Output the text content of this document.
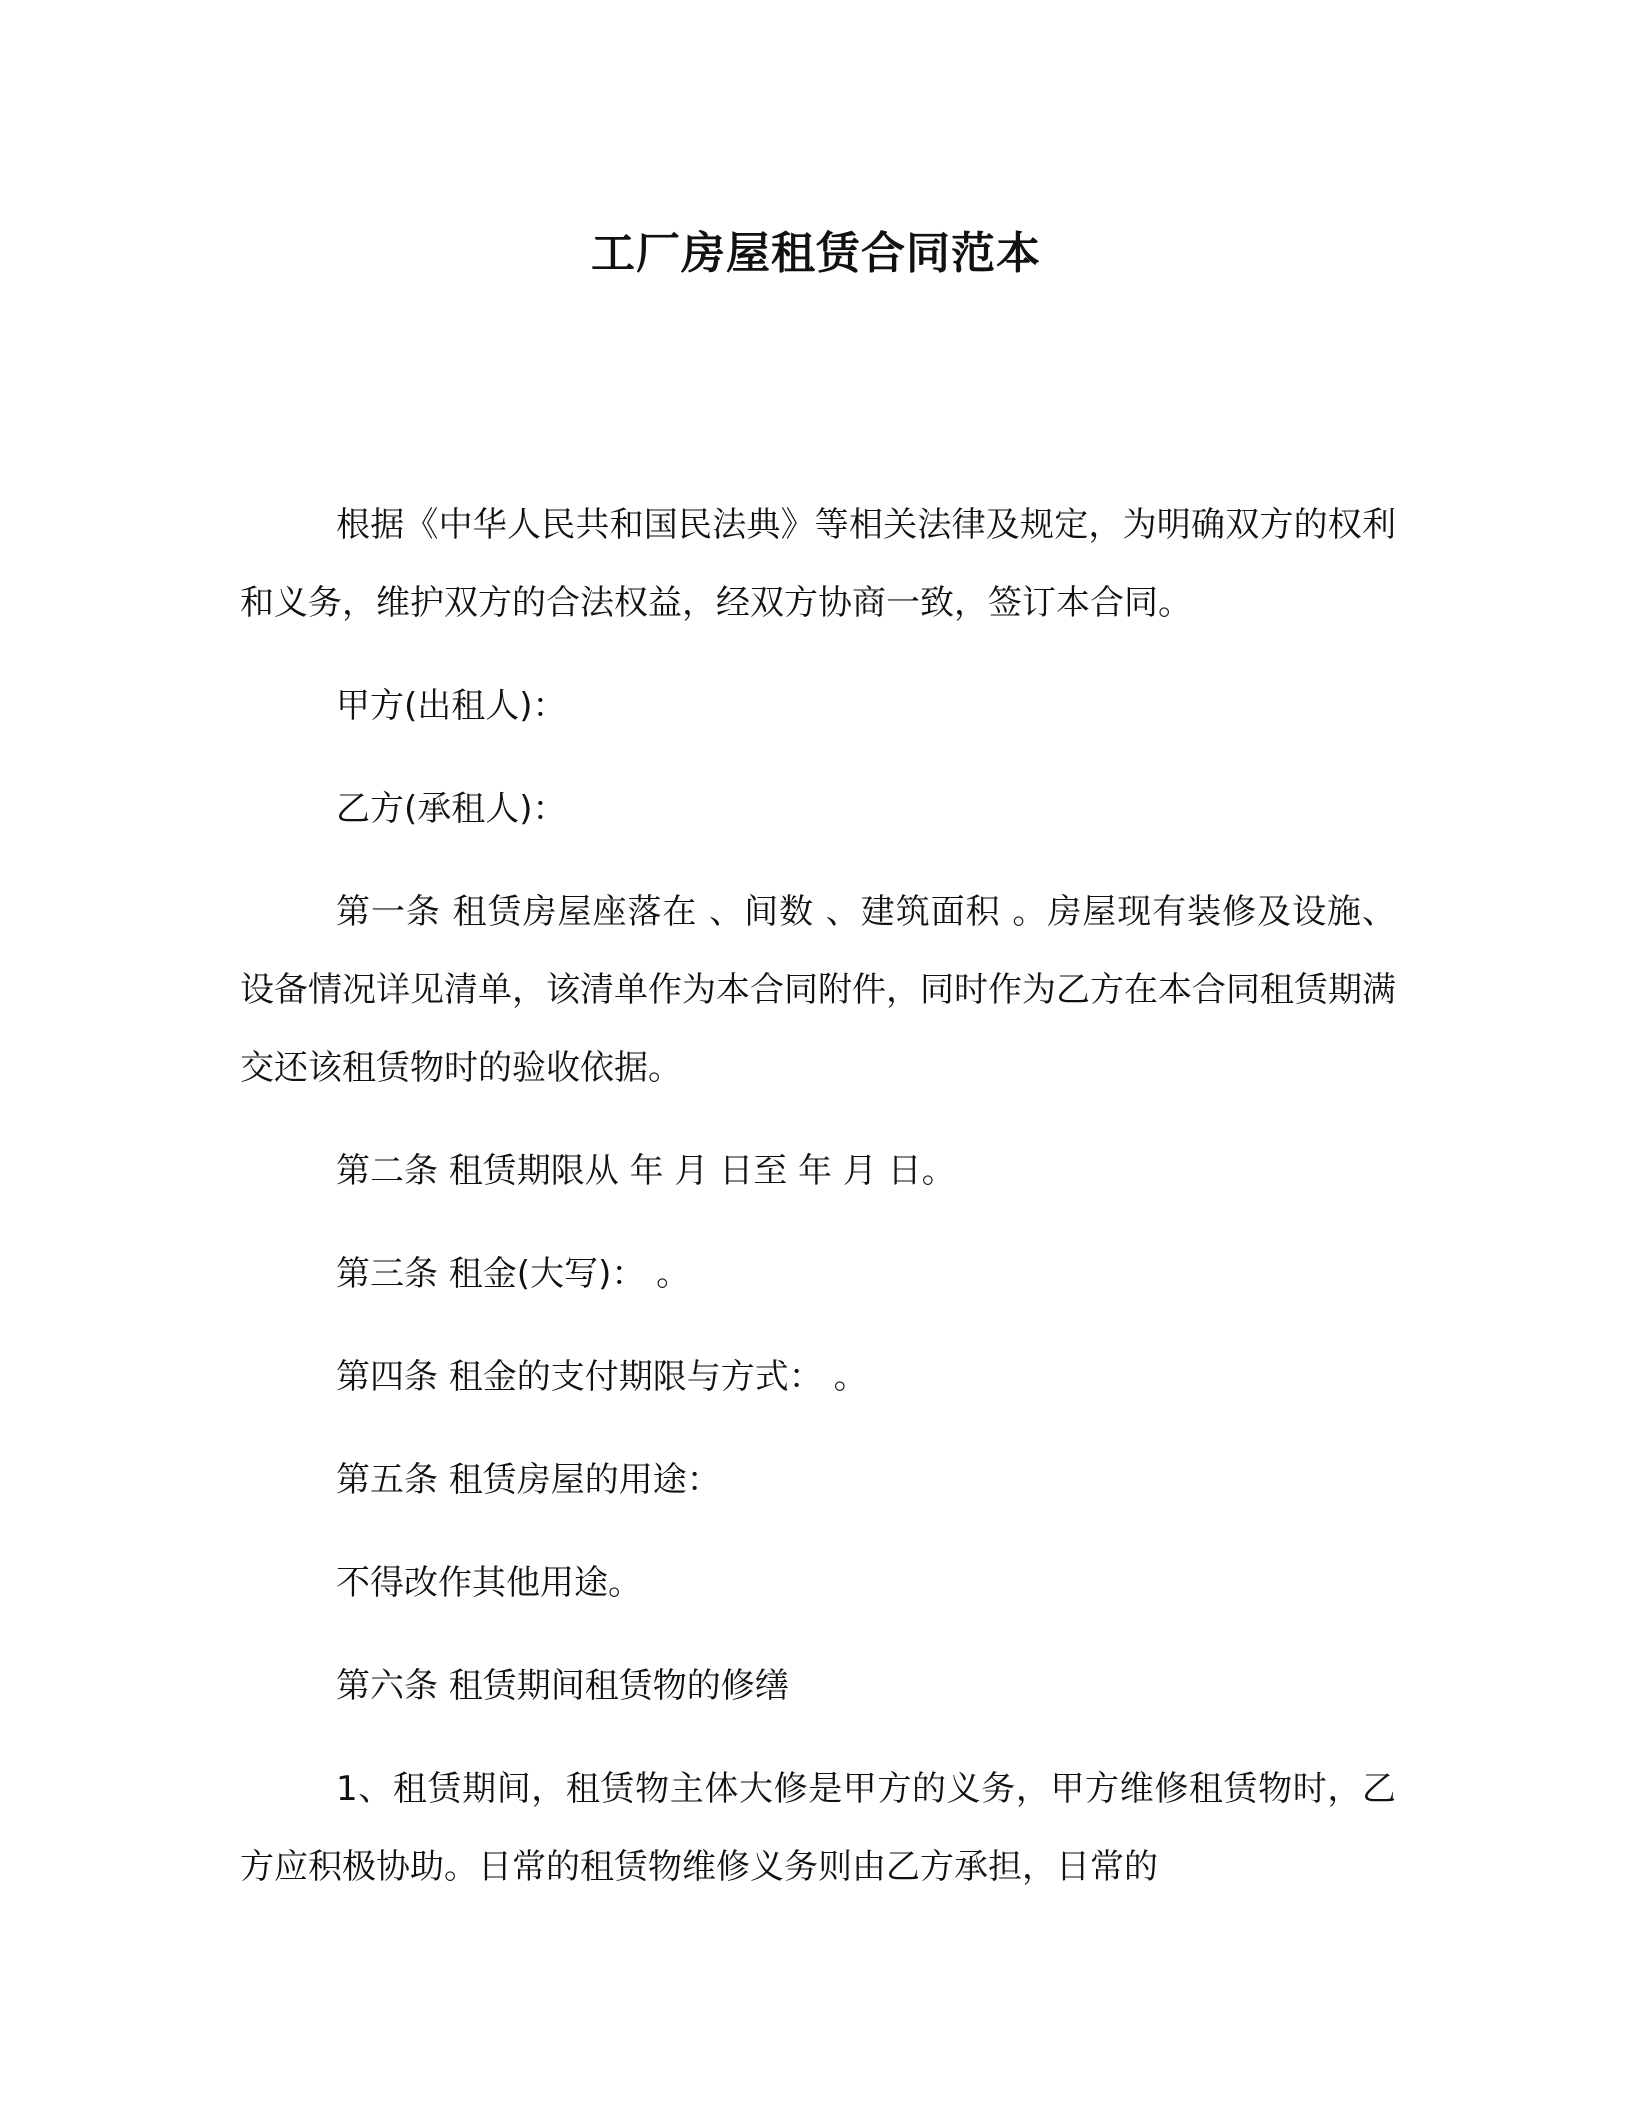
工厂房屋租赁合同范本

根据《中华人民共和国民法典》等相关法律及规定，为明确双方的权利和义务，维护双方的合法权益，经双方协商一致，签订本合同。

甲方(出租人)：

乙方(承租人)：

第一条 租赁房屋座落在 、间数 、建筑面积 。房屋现有装修及设施、设备情况详见清单，该清单作为本合同附件，同时作为乙方在本合同租赁期满交还该租赁物时的验收依据。

第二条 租赁期限从 年 月 日至 年 月 日。

第三条 租金(大写)： 。

第四条 租金的支付期限与方式： 。

第五条 租赁房屋的用途：

不得改作其他用途。

第六条 租赁期间租赁物的修缮

1、租赁期间，租赁物主体大修是甲方的义务，甲方维修租赁物时，乙方应积极协助。日常的租赁物维修义务则由乙方承担，日常的
